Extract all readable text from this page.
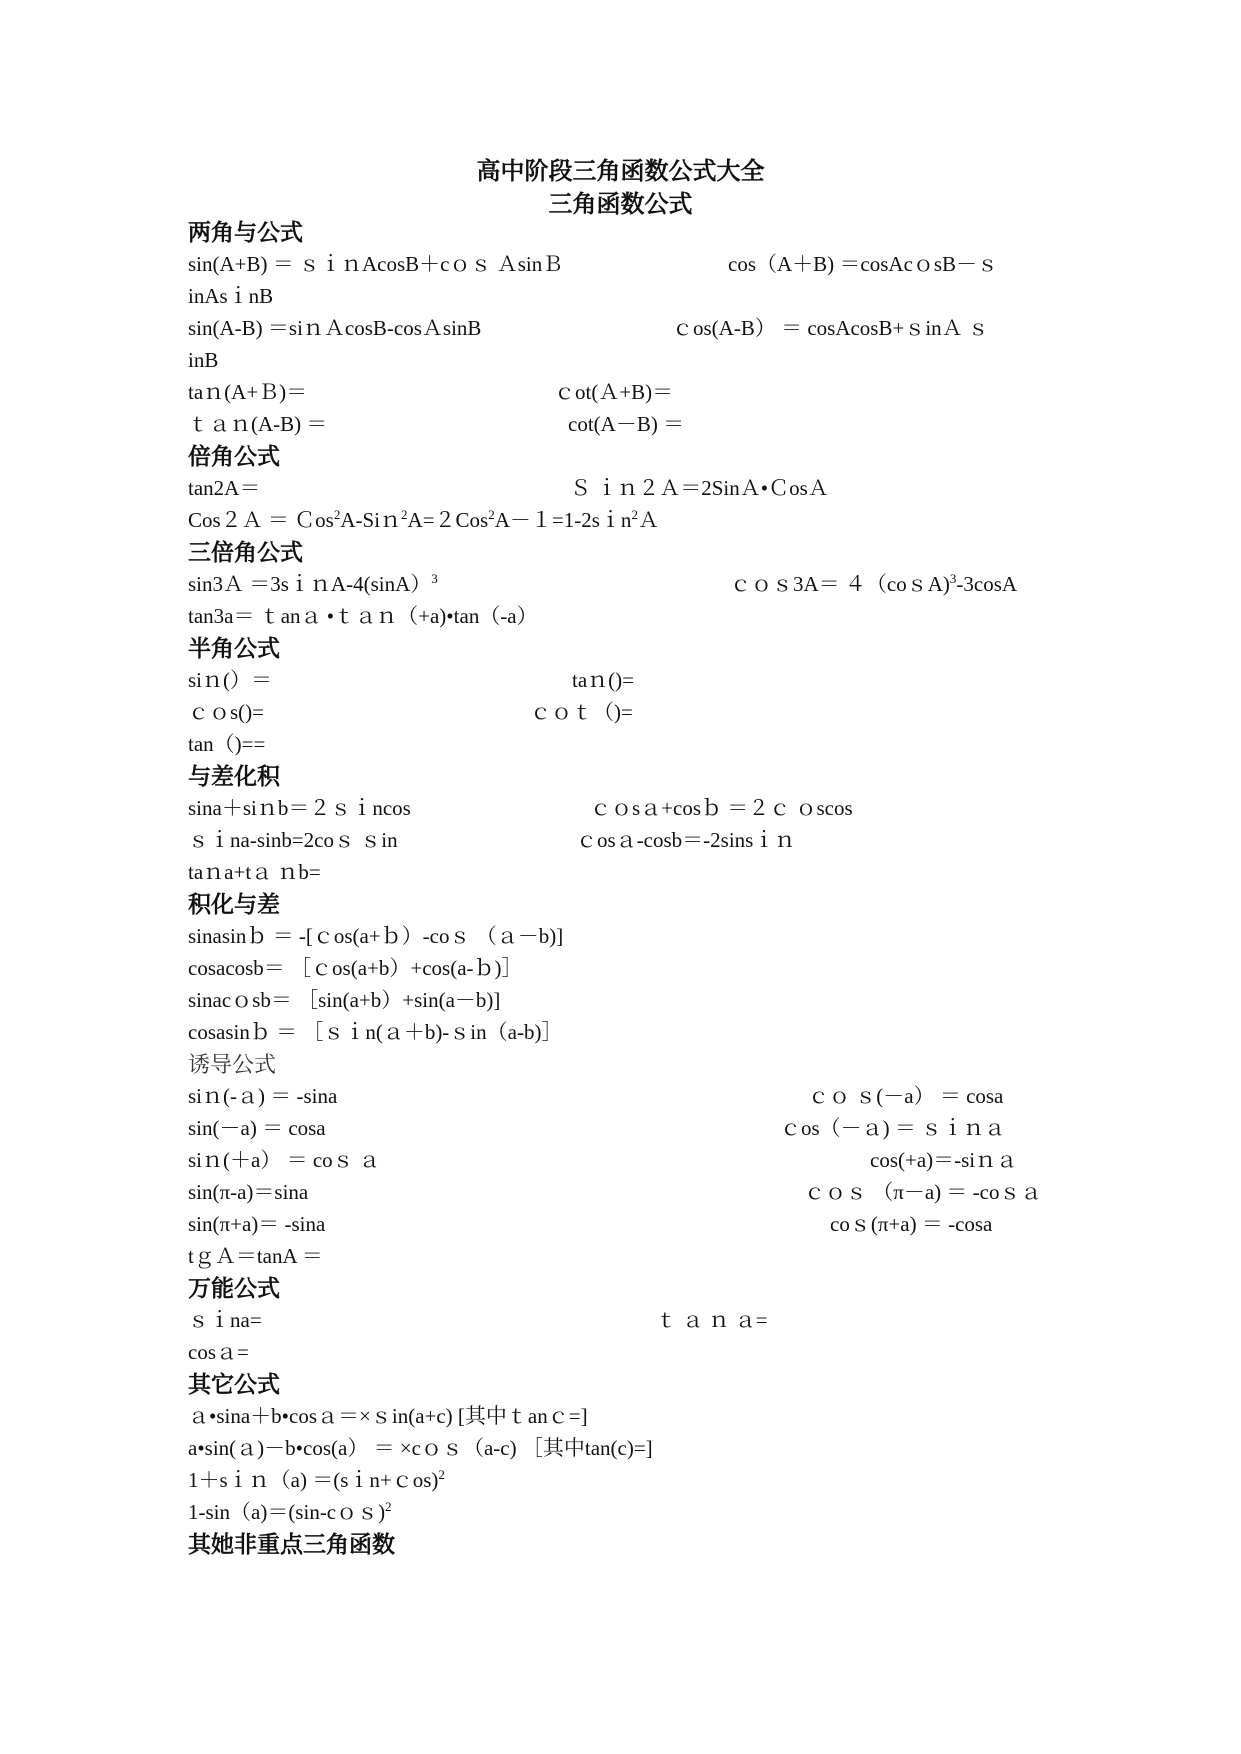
高中阶段三角函数公式大全
三角函数公式
两角与公式
sin(A+B) ＝ ｓｉｎAcosB＋cｏｓ ＡsinＢ	cos（A＋B) ＝cosAcｏsB－ｓ
inAsｉnB
sin(A-B) ＝siｎＡcosB-cosＡsinB	ｃos(A-B） ＝ cosAcosB+ｓinＡ ｓ
inB
taｎ(A+Ｂ)＝	ｃot(Ａ+B)＝
ｔａｎ(A-B) ＝	cot(A－B) ＝
倍角公式
tan2A＝	Ｓ ｉｎ２Ａ＝2SinＡ•ＣosＡ
Cos２Ａ ＝ Ｃos$^2$A-Siｎ$^2$A=２Cos$^2$A－１=1-2sｉn$^2$Ａ
三倍角公式
sin3Ａ ＝3sｉｎA-4(sinA）$^3$	ｃｏｓ3A＝ ４（coｓA)$^3$-3cosA
tan3a＝ ｔanａ •ｔａｎ（+a)•tan（-a）
半角公式
siｎ(）＝	taｎ()=
ｃｏs()=	ｃｏｔ（)=
tan（)==
与差化积
sina＋siｎb＝２ｓｉncos	ｃｏsａ+cosｂ ＝２ｃ ｏscos
ｓｉna-sinb=2coｓ ｓin	ｃosａ-cosb＝-2sinsｉｎ
taｎa+tａ ｎb=
积化与差
sinasinｂ ＝ -[ｃos(a+ｂ）-coｓ （ａ－b)]
cosacosb＝ ［ｃos(a+b）+cos(a-ｂ)］
sinacｏsb＝ ［sin(a+b）+sin(a－b)]
cosasinｂ ＝ ［ｓｉn(ａ＋b)-ｓin（a-b)］
诱导公式
siｎ(-ａ) ＝ -sina	ｃｏ ｓ(－a） ＝ cosa
sin(－a) ＝ cosa	ｃos（－ａ) ＝ ｓｉｎａ
siｎ(＋a） ＝ coｓ ａ	cos(+a)＝-siｎａ
sin(π-a)＝sina	ｃｏｓ （π－a) ＝ -coｓａ
sin(π+a)＝ -sina	coｓ(π+a) ＝ -cosa
tｇＡ＝tanA ＝
万能公式
ｓｉna=	ｔ ａ ｎ ａ=
cosａ=
其它公式
ａ•sina＋b•cosａ＝×ｓin(a+c) [其中ｔanｃ=]
a•sin(ａ)－b•cos(a） ＝ ×cｏｓ（a-c) ［其中tan(c)=]
1＋sｉｎ（a) ＝(sｉn+ｃos)$^2$
1-sin（a)＝(sin-cｏｓ)$^2$
其她非重点三角函数
